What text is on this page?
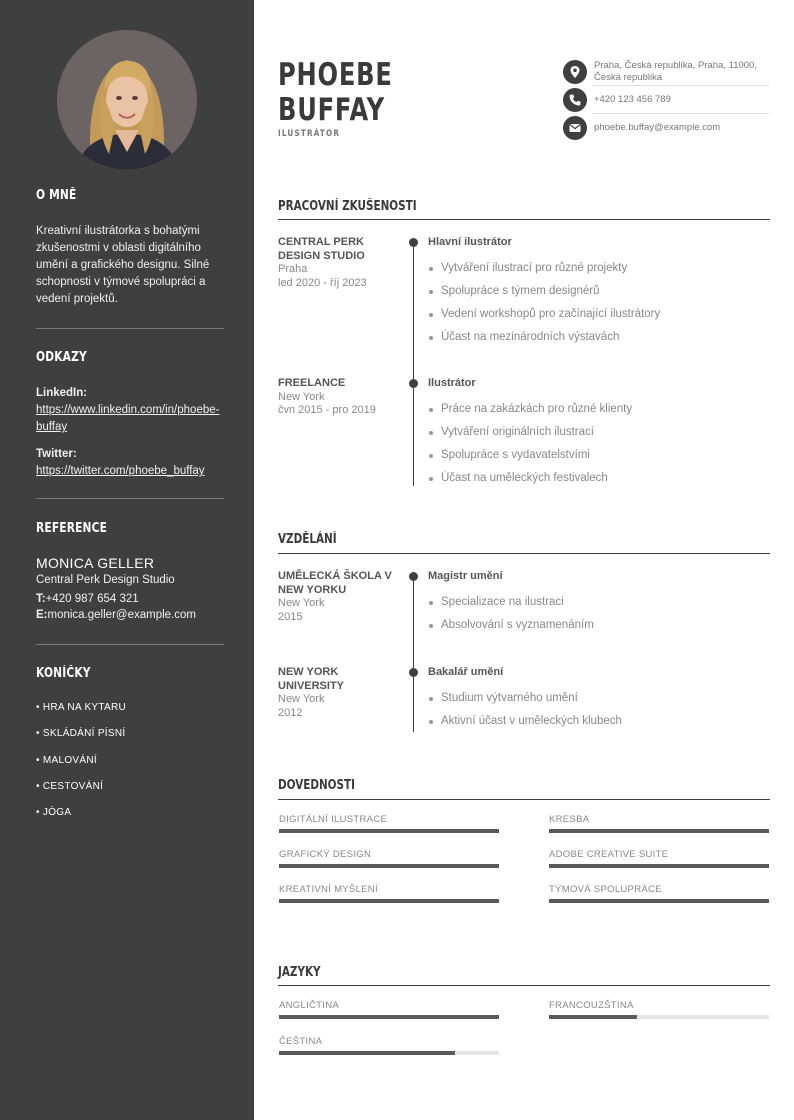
O MNĚ
Kreativní ilustrátorka s bohatými zkušenostmi v oblasti digitálního umění a grafického designu. Silné schopnosti v týmové spolupráci a vedení projektů.
ODKAZY
LinkedIn:
https://www.linkedin.com/in/phoebe-buffay
Twitter:
https://twitter.com/phoebe_buffay
REFERENCE
MONICA GELLER
Central Perk Design Studio
T:+420 987 654 321
E:monica.geller@example.com
KONÍČKY
• HRA NA KYTARU
• SKLÁDÁNÍ PÍSNÍ
• MALOVÁNÍ
• CESTOVÁNÍ
• JÓGA
PHOEBE
BUFFAY
ILUSTRÁTOR
Praha, Česká republika, Praha, 11000, Česká republika
+420 123 456 789
phoebe.buffay@example.com
PRACOVNÍ ZKUŠENOSTI
CENTRAL PERK DESIGN STUDIO
Praha
led 2020 - říj 2023
Hlavní ilustrátor
Vytváření ilustrací pro různé projekty
Spolupráce s týmem designérů
Vedení workshopů pro začínající ilustrátory
Účast na mezinárodních výstavách
FREELANCE
New York
čvn 2015 - pro 2019
Ilustrátor
Práce na zakázkách pro různé klienty
Vytváření originálních ilustrací
Spolupráce s vydavatelstvími
Účast na uměleckých festivalech
VZDĚLÁNÍ
UMĚLECKÁ ŠKOLA V NEW YORKU
New York
2015
Magistr umění
Specializace na ilustraci
Absolvování s vyznamenáním
NEW YORK UNIVERSITY
New York
2012
Bakalář umění
Studium výtvarného umění
Aktivní účast v uměleckých klubech
DOVEDNOSTI
DIGITÁLNÍ ILUSTRACE	KRESBA
GRAFICKÝ DESIGN	ADOBE CREATIVE SUITE
KREATIVNÍ MYŠLENÍ	TÝMOVÁ SPOLUPRÁCE
JAZYKY
ANGLIČTINA	FRANCOUZŠTINA
ČEŠTINA
